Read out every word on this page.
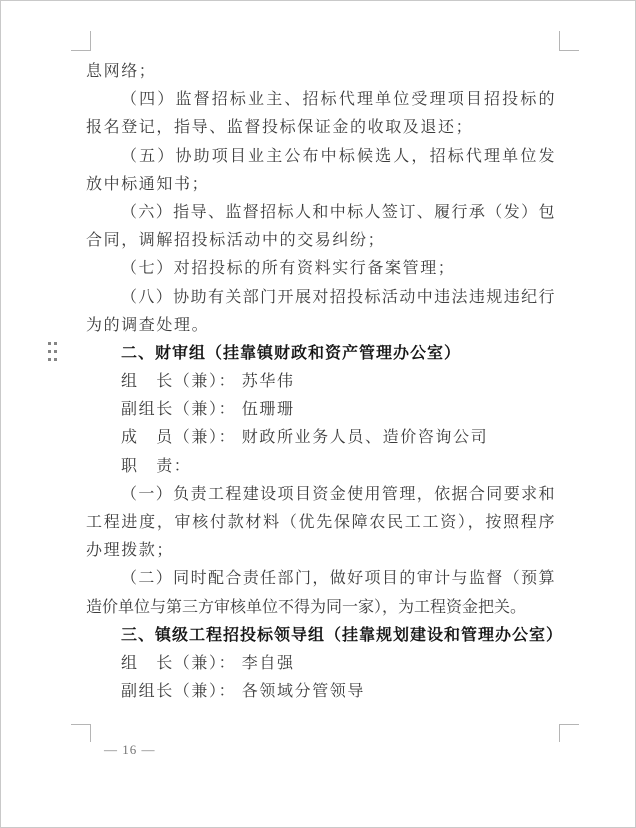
息网络；
（四）监督招标业主、招标代理单位受理项目招投标的
报名登记，指导、监督投标保证金的收取及退还；
（五）协助项目业主公布中标候选人，招标代理单位发
放中标通知书；
（六）指导、监督招标人和中标人签订、履行承（发）包
合同，调解招投标活动中的交易纠纷；
（七）对招投标的所有资料实行备案管理；
（八）协助有关部门开展对招投标活动中违法违规违纪行
为的调查处理。
二、财审组（挂靠镇财政和资产管理办公室）
组　长（兼）： 苏华伟
副组长（兼）： 伍珊珊
成　员（兼）： 财政所业务人员、造价咨询公司
职　责：
（一）负责工程建设项目资金使用管理，依据合同要求和
工程进度，审核付款材料（优先保障农民工工资），按照程序
办理拨款；
（二）同时配合责任部门，做好项目的审计与监督（预算
造价单位与第三方审核单位不得为同一家），为工程资金把关。
三、镇级工程招投标领导组（挂靠规划建设和管理办公室）
组　长（兼）： 李自强
副组长（兼）： 各领域分管领导
— 16 —
